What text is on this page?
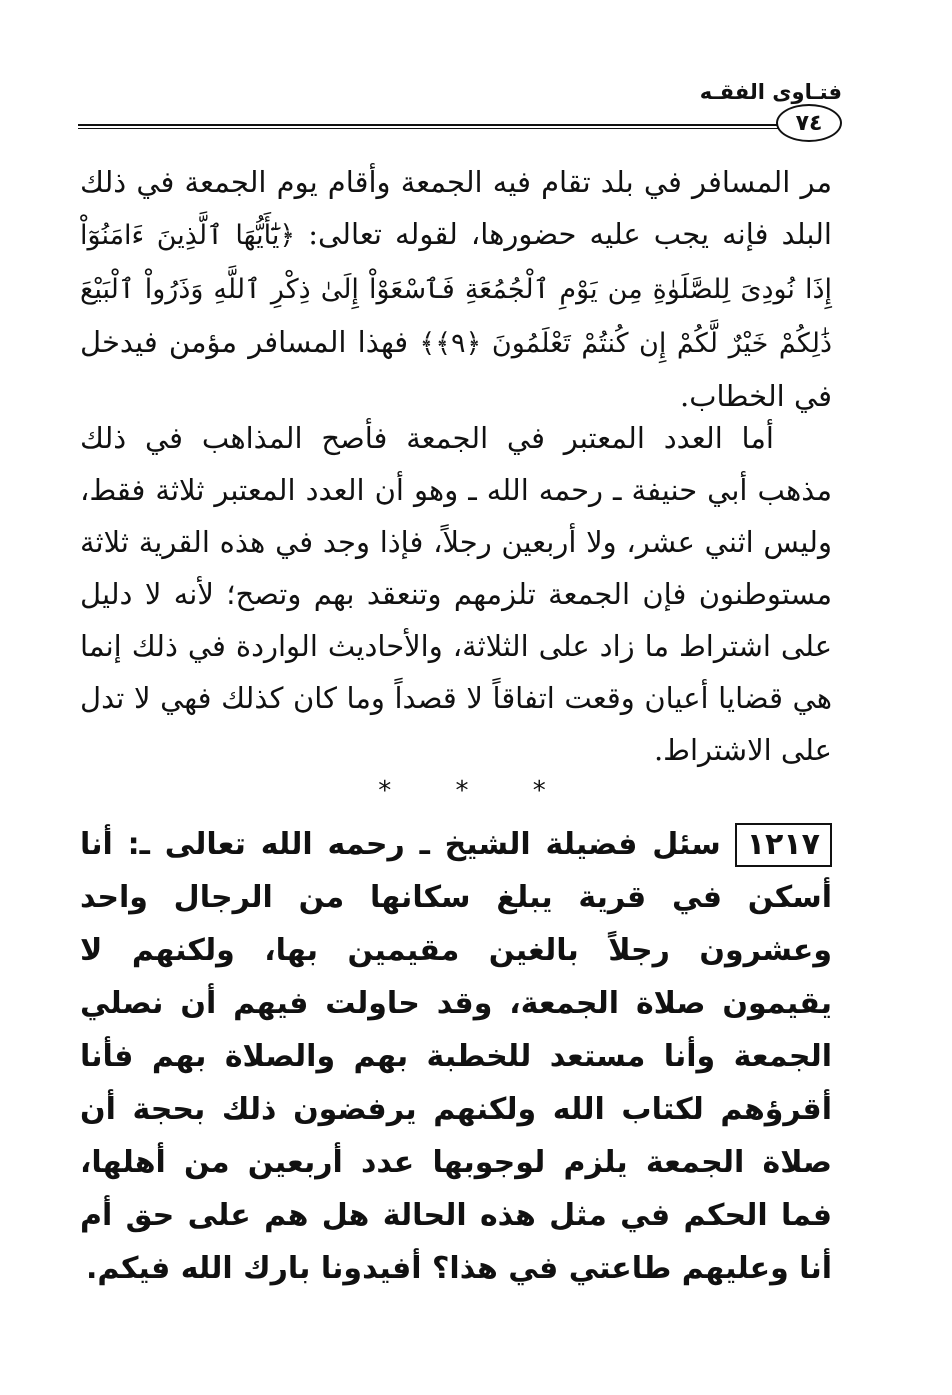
فتـاوى الفقـه
٧٤

مر المسافر في بلد تقام فيه الجمعة وأقام يوم الجمعة في ذلك البلد فإنه يجب عليه حضورها، لقوله تعالى: ﴿يَٰٓأَيُّهَا ٱلَّذِينَ ءَامَنُوٓاْ إِذَا نُودِىَ لِلصَّلَوٰةِ مِن يَوْمِ ٱلْجُمُعَةِ فَٱسْعَوْاْ إِلَىٰ ذِكْرِ ٱللَّهِ وَذَرُواْ ٱلْبَيْعَ ذَٰلِكُمْ خَيْرٌ لَّكُمْ إِن كُنتُمْ تَعْلَمُونَ ﴿٩﴾﴾ فهذا المسافر مؤمن فيدخل في الخطاب.

أما العدد المعتبر في الجمعة فأصح المذاهب في ذلك مذهب أبي حنيفة ـ رحمه الله ـ وهو أن العدد المعتبر ثلاثة فقط، وليس اثني عشر، ولا أربعين رجلاً، فإذا وجد في هذه القرية ثلاثة مستوطنون فإن الجمعة تلزمهم وتنعقد بهم وتصح؛ لأنه لا دليل على اشتراط ما زاد على الثلاثة، والأحاديث الواردة في ذلك إنما هي قضايا أعيان وقعت اتفاقاً لا قصداً وما كان كذلك فهي لا تدل على الاشتراط.

* * *

١٢١٧سئل فضيلة الشيخ ـ رحمه الله تعالى ـ: أنا أسكن في قرية يبلغ سكانها من الرجال واحد وعشرون رجلاً بالغين مقيمين بها، ولكنهم لا يقيمون صلاة الجمعة، وقد حاولت فيهم أن نصلي الجمعة وأنا مستعد للخطبة بهم والصلاة بهم فأنا أقرؤهم لكتاب الله ولكنهم يرفضون ذلك بحجة أن صلاة الجمعة يلزم لوجوبها عدد أربعين من أهلها، فما الحكم في مثل هذه الحالة هل هم على حق أم أنا وعليهم طاعتي في هذا؟ أفيدونا بارك الله فيكم.
